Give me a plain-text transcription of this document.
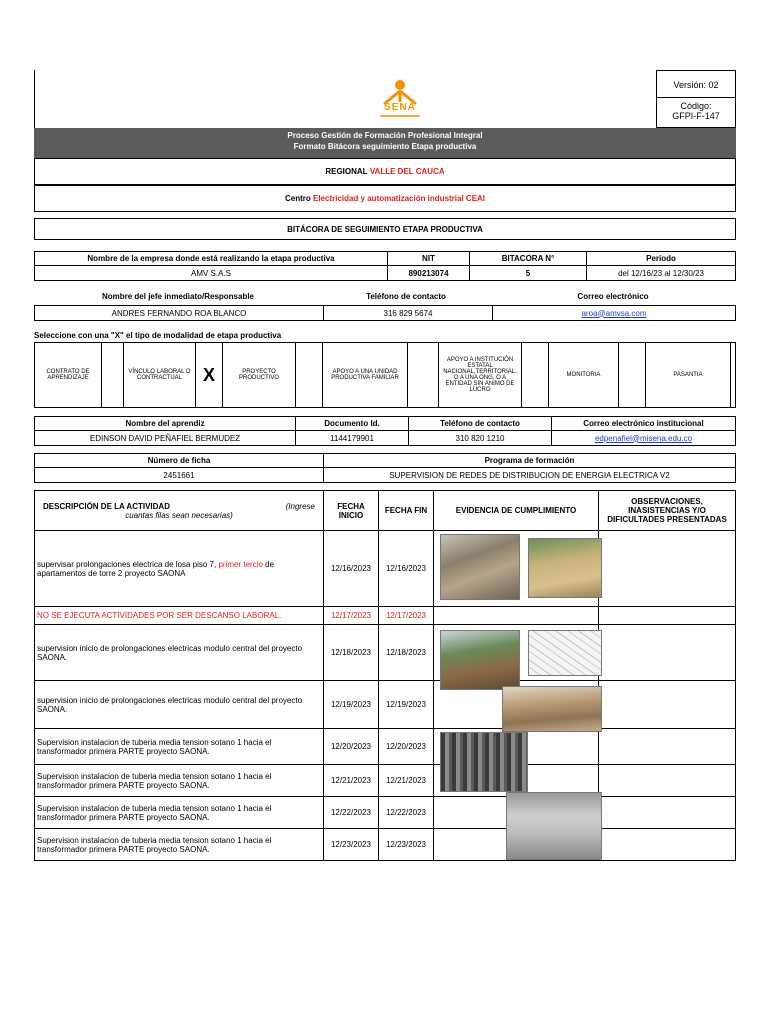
SENA
Versión: 02
Código:
GFPI-F-147
Proceso Gestión de Formación Profesional Integral
Formato Bitácora seguimiento Etapa productiva
REGIONAL
VALLE DEL CAUCA
Centro
Electricidad y automatización industrial CEAI
BITÁCORA DE SEGUIMIENTO ETAPA PRODUCTIVA
Nombre de la empresa donde está realizando la etapa productiva	NIT	BITACORA N°	Período
AMV S.A.S	890213074	5	del 12/16/23 al 12/30/23
Nombre del jefe inmediato/Responsable	Teléfono de contacto	Correo electrónico
ANDRES FERNANDO ROA BLANCO	316 829 5674	aroa@amvsa.com
Seleccione con una "X" el tipo de modalidad de etapa productiva
CONTRATO DE APRENDIZAJE		VÍNCULO LABORAL O CONTRACTUAL	X	PROYECTO PRODUCTIVO		APOYO A UNA UNIDAD PRODUCTIVA FAMILIAR		APOYO A INSTITUCIÓN ESTATAL NACIONAL,TERRITORIAL, O A UNA ONG, O A ENTIDAD SIN ANIMO DE LUCRO		MONITORIA		PASANTIA	
Nombre del aprendiz	Documento Id.	Teléfono de contacto	Correo electrónico institucional
EDINSON DAVID PEÑAFIEL BERMUDEZ	1144179901	310 820 1210	edpenafiel@misena.edu.co
Número de ficha	Programa de formación
2451661	SUPERVISION DE REDES DE DISTRIBUCION DE ENERGIA ELECTRICA V2
DESCRIPCIÓN DE LA ACTIVIDAD (Ingrese
cuantas filas sean necesarias)	FECHA INICIO	FECHA FIN	EVIDENCIA DE CUMPLIMIENTO	OBSERVACIONES, INASISTENCIAS Y/O DIFICULTADES PRESENTADAS
supervisar prolongaciones electrica de losa piso 7, primer tercio de apartamentos de torre 2 proyecto SAONA	12/16/2023	12/16/2023		
NO SE EJECUTA ACTIVIDADES POR SER DESCANSO LABORAL.	12/17/2023	12/17/2023		
supervision inicio de prolongaciones electricas modulo central del proyecto SAONA.	12/18/2023	12/18/2023		
supervision inicio de prolongaciones electricas modulo central del proyecto SAONA.	12/19/2023	12/19/2023		
Supervision instalacion de tuberia media tension sotano 1 hacia el transformador primera PARTE proyecto SAONA.	12/20/2023	12/20/2023		
Supervision instalacion de tuberia media tension sotano 1 hacia el transformador primera PARTE proyecto SAONA.	12/21/2023	12/21/2023		
Supervision instalacion de tuberia media tension sotano 1 hacia el transformador primera PARTE proyecto SAONA.	12/22/2023	12/22/2023		
Supervision instalacion de tuberia media tension sotano 1 hacia el transformador primera PARTE proyecto SAONA.	12/23/2023	12/23/2023		
